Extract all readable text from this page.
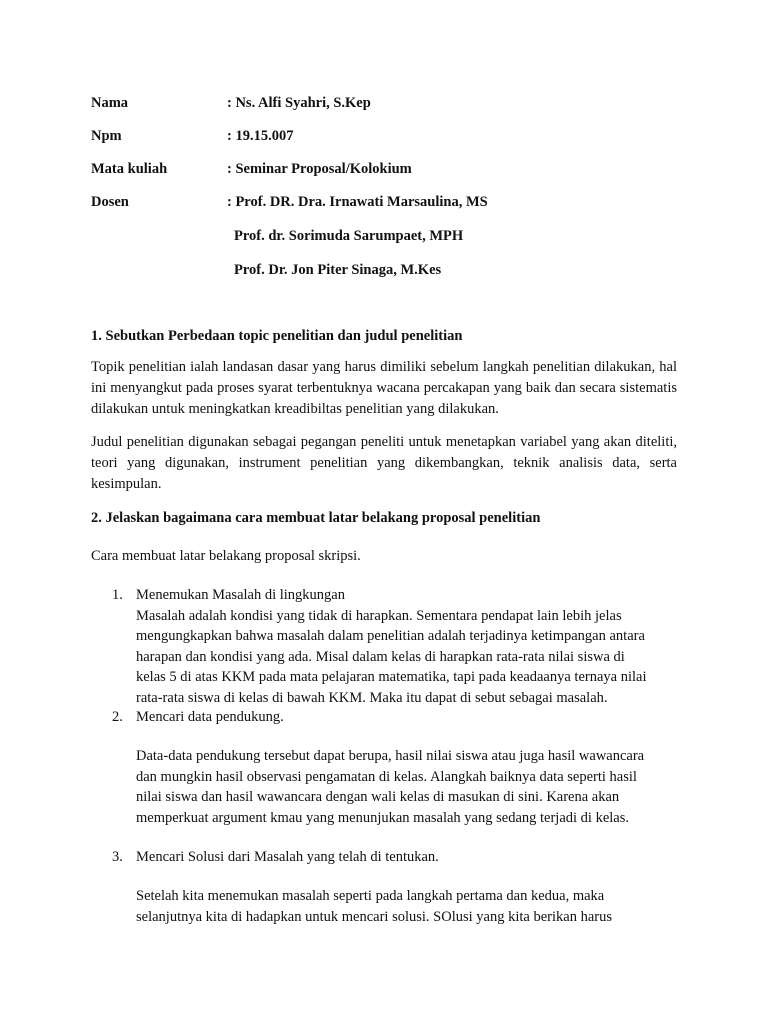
Nama	: Ns. Alfi Syahri, S.Kep
Npm	: 19.15.007
Mata kuliah	: Seminar Proposal/Kolokium
Dosen	: Prof. DR. Dra. Irnawati Marsaulina, MS
Prof. dr. Sorimuda Sarumpaet, MPH
Prof. Dr. Jon Piter Sinaga, M.Kes
1. Sebutkan Perbedaan topic penelitian dan judul penelitian
Topik penelitian ialah landasan dasar yang harus dimiliki sebelum langkah penelitian dilakukan, hal ini menyangkut pada proses syarat terbentuknya wacana percakapan yang baik dan secara sistematis dilakukan untuk meningkatkan kreadibiltas penelitian yang dilakukan.
Judul penelitian digunakan sebagai pegangan peneliti untuk menetapkan variabel yang akan diteliti, teori yang digunakan, instrument penelitian yang dikembangkan, teknik analisis data, serta kesimpulan.
2. Jelaskan bagaimana cara membuat latar belakang proposal penelitian
Cara membuat latar belakang proposal skripsi.
1. Menemukan Masalah di lingkungan
Masalah adalah kondisi yang tidak di harapkan. Sementara pendapat lain lebih jelas
mengungkapkan bahwa masalah dalam penelitian adalah terjadinya ketimpangan antara
harapan dan kondisi yang ada. Misal dalam kelas di harapkan rata-rata nilai siswa di
kelas 5 di atas KKM pada mata pelajaran matematika, tapi pada keadaanya ternaya nilai
rata-rata siswa di kelas di bawah KKM. Maka itu dapat di sebut sebagai masalah.
2. Mencari data pendukung.
Data-data pendukung tersebut dapat berupa, hasil nilai siswa atau juga hasil wawancara
dan mungkin hasil observasi pengamatan di kelas. Alangkah baiknya data seperti hasil
nilai siswa dan hasil wawancara dengan wali kelas di masukan di sini. Karena akan
memperkuat argument kmau yang menunjukan masalah yang sedang terjadi di kelas.
3. Mencari Solusi dari Masalah yang telah di tentukan.
Setelah kita menemukan masalah seperti pada langkah pertama dan kedua, maka
selanjutnya kita di hadapkan untuk mencari solusi. SOlusi yang kita berikan harus
